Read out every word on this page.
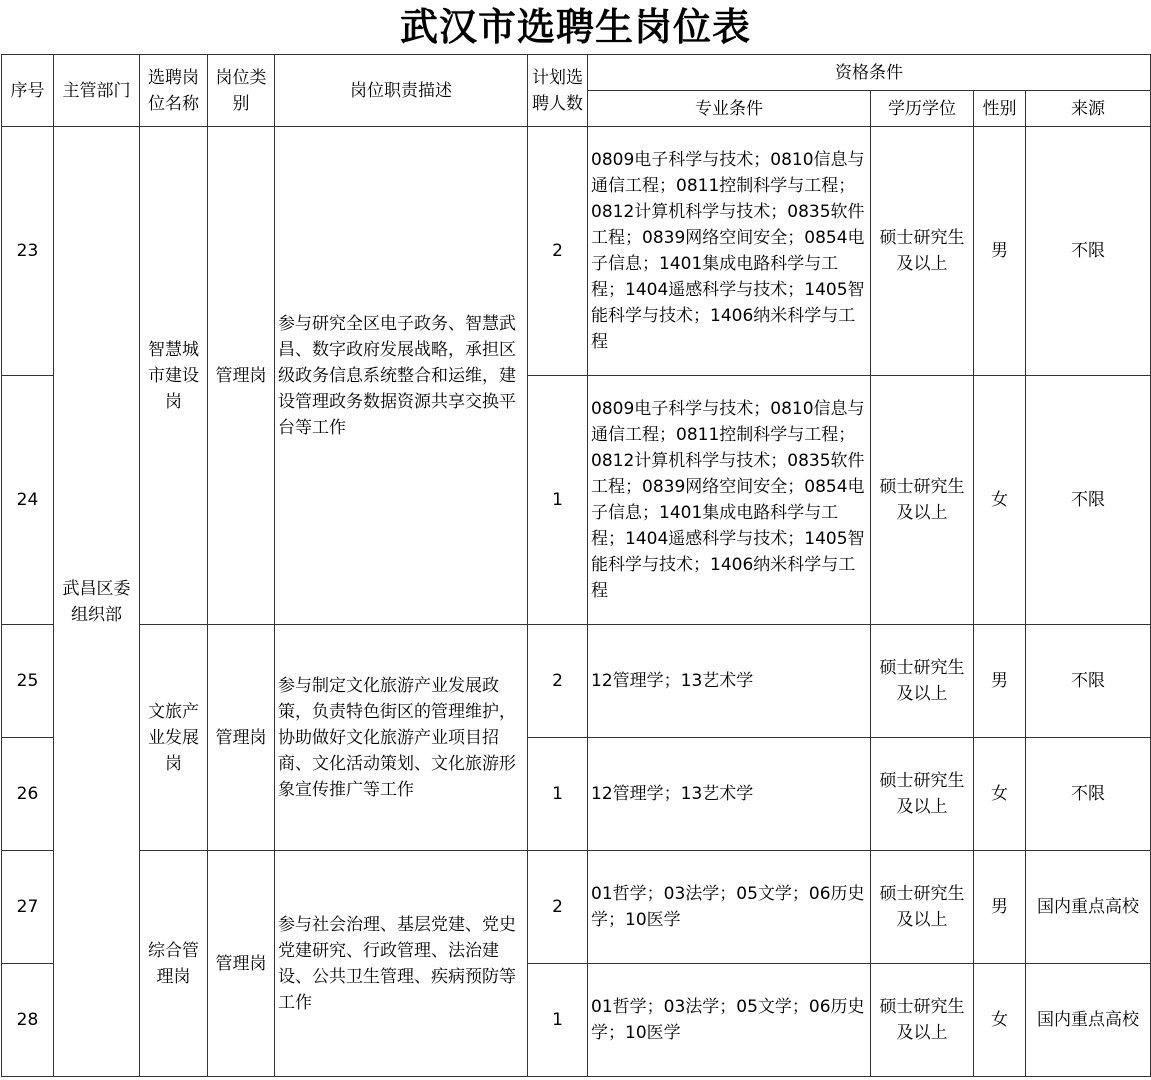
武汉市选聘生岗位表
序号	主管部门	选聘岗位名称	岗位类别	岗位职责描述	计划选聘人数	资格条件			
						专业条件	学历学位	性别	来源
23	武昌区委组织部	智慧城市建设岗	管理岗	参与研究全区电子政务、智慧武昌、数字政府发展战略，承担区级政务信息系统整合和运维，建设管理政务数据资源共享交换平台等工作	2	0809电子科学与技术；0810信息与通信工程；0811控制科学与工程；0812计算机科学与技术；0835软件工程；0839网络空间安全；0854电子信息；1401集成电路科学与工程；1404遥感科学与技术；1405智能科学与技术；1406纳米科学与工程	硕士研究生及以上	男	不限
24					1	0809电子科学与技术；0810信息与通信工程；0811控制科学与工程；0812计算机科学与技术；0835软件工程；0839网络空间安全；0854电子信息；1401集成电路科学与工程；1404遥感科学与技术；1405智能科学与技术；1406纳米科学与工程	硕士研究生及以上	女	不限
25		文旅产业发展岗	管理岗	参与制定文化旅游产业发展政策，负责特色街区的管理维护，协助做好文化旅游产业项目招商、文化活动策划、文化旅游形象宣传推广等工作	2	12管理学；13艺术学	硕士研究生及以上	男	不限
26					1	12管理学；13艺术学	硕士研究生及以上	女	不限
27		综合管理岗	管理岗	参与社会治理、基层党建、党史党建研究、行政管理、法治建设、公共卫生管理、疾病预防等工作	2	01哲学；03法学；05文学；06历史学；10医学	硕士研究生及以上	男	国内重点高校
28					1	01哲学；03法学；05文学；06历史学；10医学	硕士研究生及以上	女	国内重点高校
